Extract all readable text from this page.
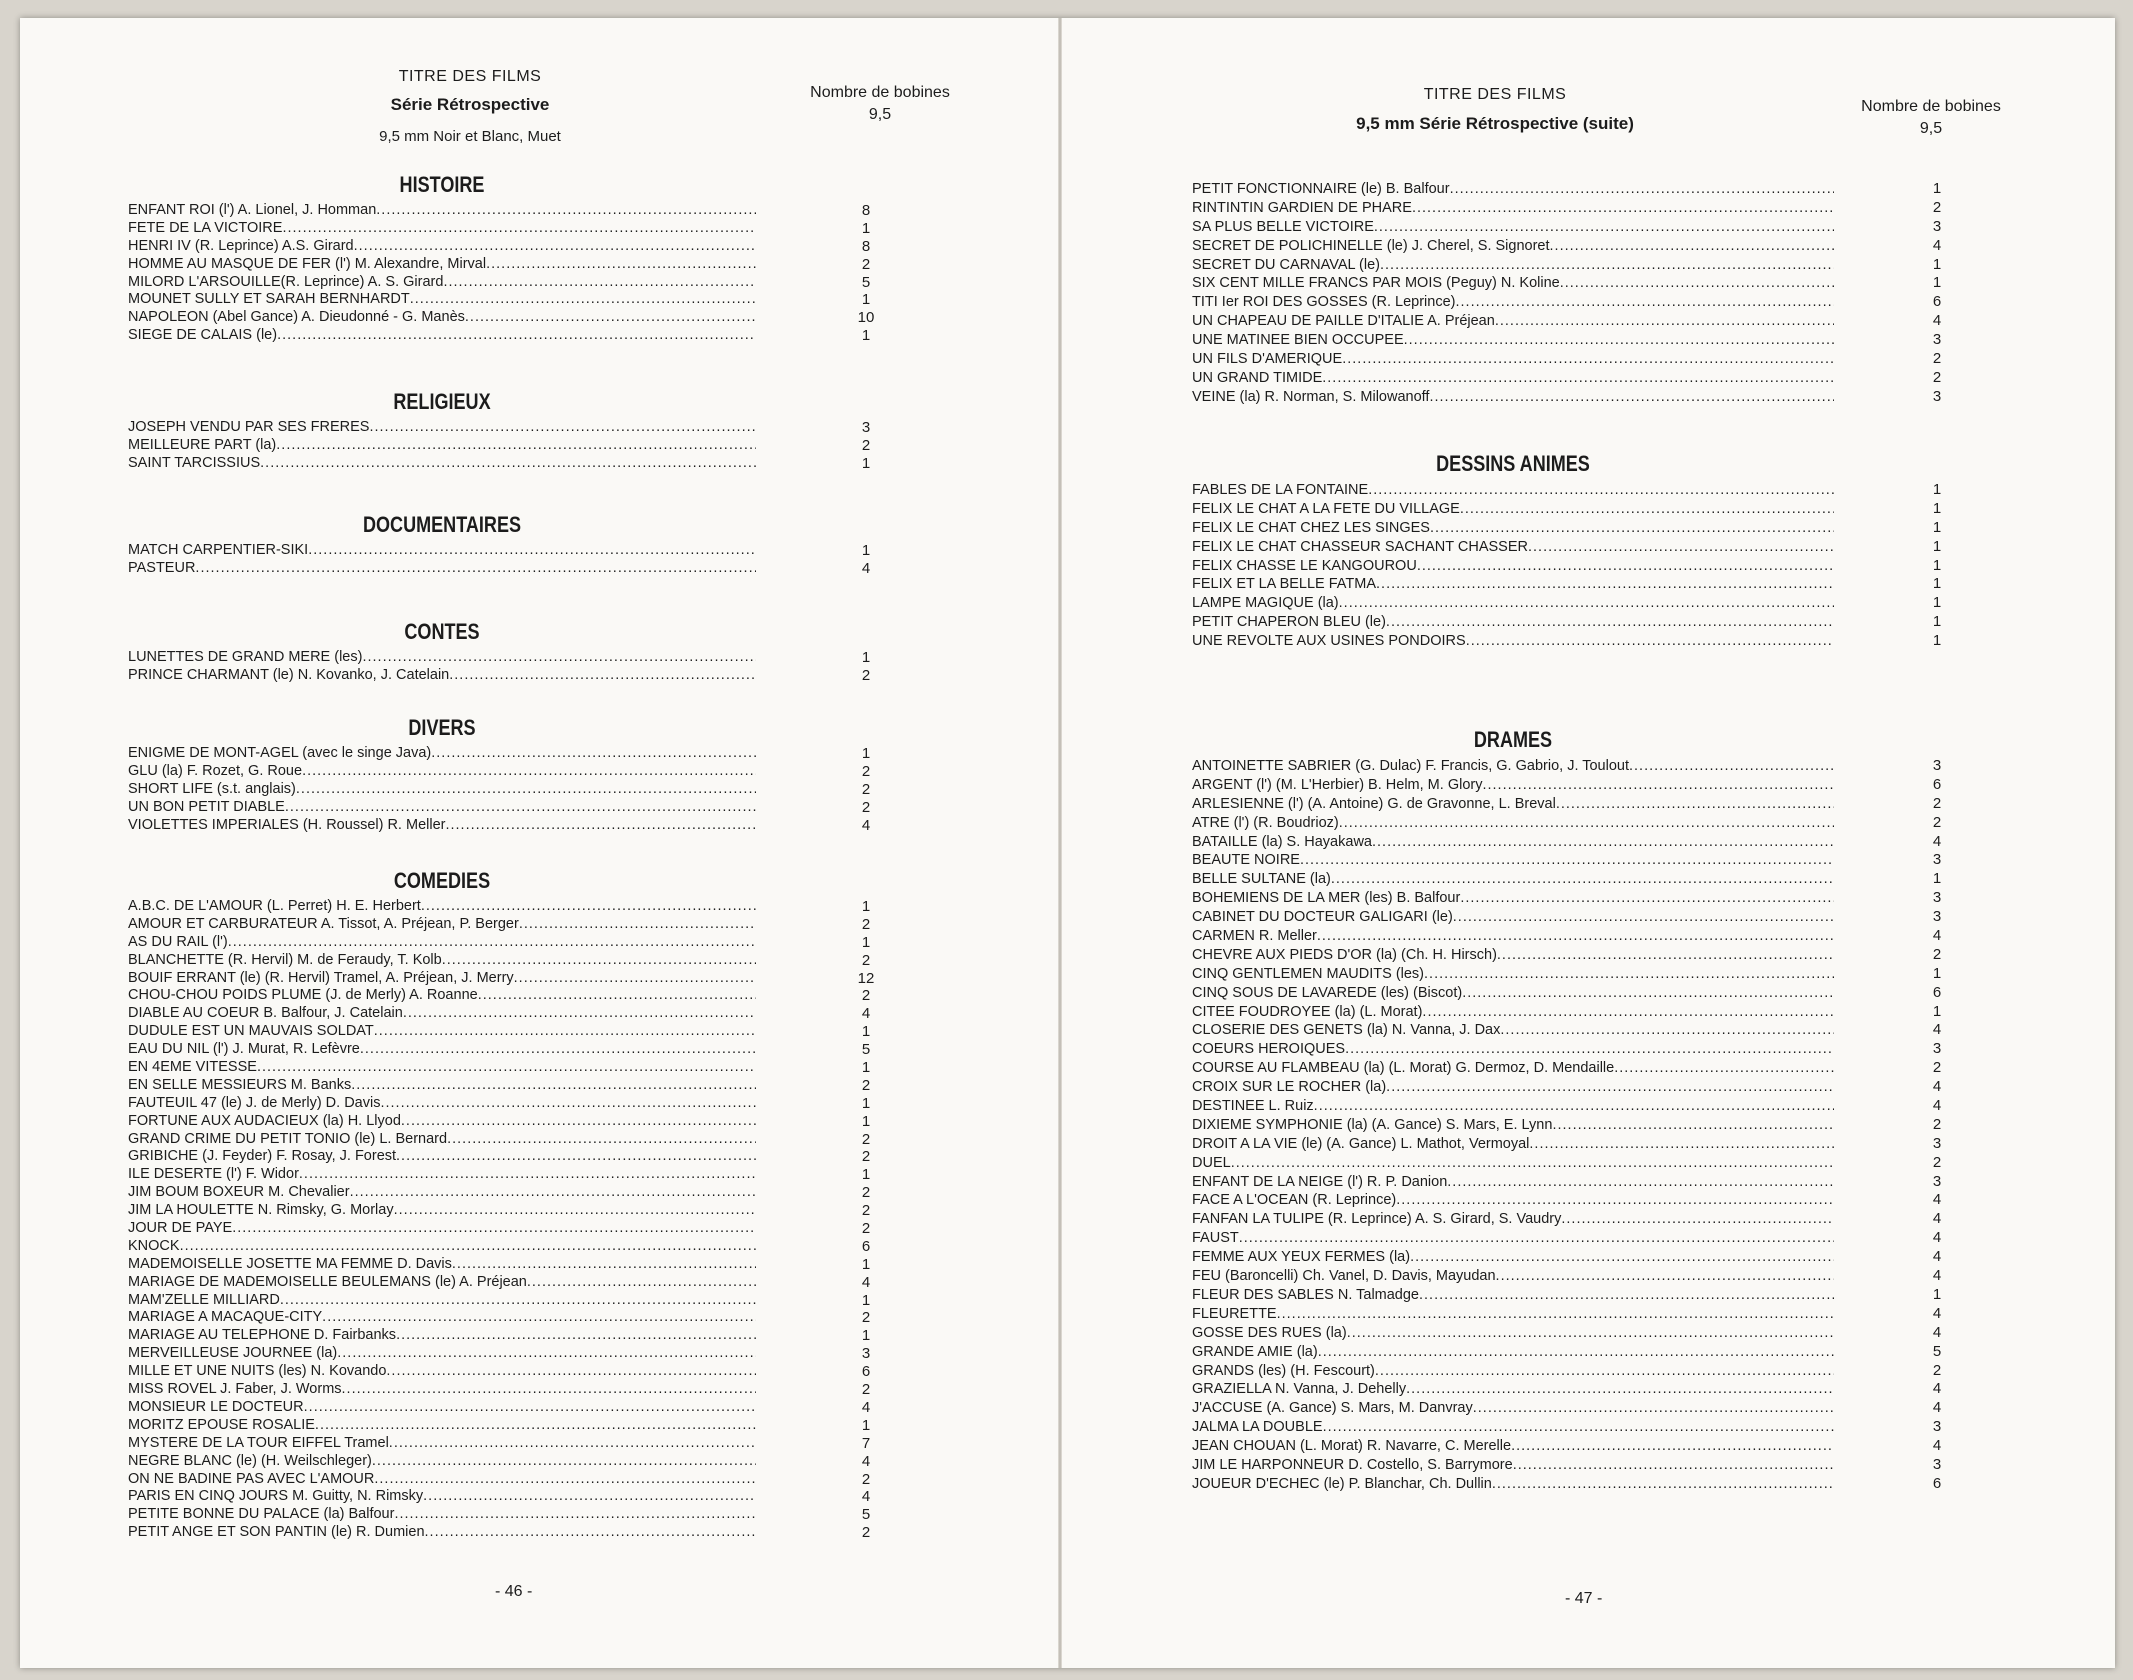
TITRE DES FILMS
Série Rétrospective
9,5 mm Noir et Blanc, Muet
Nombre de bobines
9,5
HISTOIRE
ENFANT ROI (l') A. Lionel, J. Homman .....	8
FETE DE LA VICTOIRE .....	1
HENRI IV (R. Leprince) A.S. Girard .....	8
HOMME AU MASQUE DE FER (l') M. Alexandre, Mirval .....	2
MILORD L'ARSOUILLE(R. Leprince) A. S. Girard .....	5
MOUNET SULLY ET SARAH BERNHARDT .....	1
NAPOLEON (Abel Gance) A. Dieudonné - G. Manès .....	10
SIEGE DE CALAIS (le) .....	1
RELIGIEUX
JOSEPH VENDU PAR SES FRERES .....	3
MEILLEURE PART (la) .....	2
SAINT TARCISSIUS .....	1
DOCUMENTAIRES
MATCH CARPENTIER-SIKI .....	1
PASTEUR .....	4
CONTES
LUNETTES DE GRAND MERE (les) .....	1
PRINCE CHARMANT (le) N. Kovanko, J. Catelain .....	2
DIVERS
ENIGME DE MONT-AGEL (avec le singe Java) .....	1
GLU (la) F. Rozet, G. Roue .....	2
SHORT LIFE (s.t. anglais) .....	2
UN BON PETIT DIABLE .....	2
VIOLETTES IMPERIALES (H. Roussel) R. Meller .....	4
COMEDIES
A.B.C. DE L'AMOUR (L. Perret) H. E. Herbert .....	1
AMOUR ET CARBURATEUR A. Tissot, A. Préjean, P. Berger .....	2
AS DU RAIL (l') .....	1
BLANCHETTE (R. Hervil) M. de Feraudy, T. Kolb .....	2
BOUIF ERRANT (le) (R. Hervil) Tramel, A. Préjean, J. Merry .....	12
CHOU-CHOU POIDS PLUME (J. de Merly) A. Roanne .....	2
DIABLE AU COEUR B. Balfour, J. Catelain .....	4
DUDULE EST UN MAUVAIS SOLDAT .....	1
EAU DU NIL (l') J. Murat, R. Lefèvre .....	5
EN 4EME VITESSE .....	1
EN SELLE MESSIEURS M. Banks .....	2
FAUTEUIL 47 (le) J. de Merly) D. Davis .....	1
FORTUNE AUX AUDACIEUX (la) H. Llyod .....	1
GRAND CRIME DU PETIT TONIO (le) L. Bernard .....	2
GRIBICHE (J. Feyder) F. Rosay, J. Forest .....	2
ILE DESERTE (l') F. Widor .....	1
JIM BOUM BOXEUR M. Chevalier .....	2
JIM LA HOULETTE N. Rimsky, G. Morlay .....	2
JOUR DE PAYE .....	2
KNOCK .....	6
MADEMOISELLE JOSETTE MA FEMME D. Davis .....	1
MARIAGE DE MADEMOISELLE BEULEMANS (le) A. Préjean .....	4
MAM'ZELLE MILLIARD .....	1
MARIAGE A MACAQUE-CITY .....	2
MARIAGE AU TELEPHONE D. Fairbanks .....	1
MERVEILLEUSE JOURNEE (la) .....	3
MILLE ET UNE NUITS (les) N. Kovando .....	6
MISS ROVEL J. Faber, J. Worms .....	2
MONSIEUR LE DOCTEUR .....	4
MORITZ EPOUSE ROSALIE .....	1
MYSTERE DE LA TOUR EIFFEL Tramel .....	7
NEGRE BLANC (le) (H. Weilschleger) .....	4
ON NE BADINE PAS AVEC L'AMOUR .....	2
PARIS EN CINQ JOURS M. Guitty, N. Rimsky .....	4
PETITE BONNE DU PALACE (la) Balfour .....	5
PETIT ANGE ET SON PANTIN (le) R. Dumien .....	2
- 46 -
TITRE DES FILMS
9,5 mm Série Rétrospective (suite)
Nombre de bobines
9,5
PETIT FONCTIONNAIRE (le) B. Balfour .....	1
RINTINTIN GARDIEN DE PHARE .....	2
SA PLUS BELLE VICTOIRE .....	3
SECRET DE POLICHINELLE (le) J. Cherel, S. Signoret .....	4
SECRET DU CARNAVAL (le) .....	1
SIX CENT MILLE FRANCS PAR MOIS (Peguy) N. Koline .....	1
TITI Ier ROI DES GOSSES (R. Leprince) .....	6
UN CHAPEAU DE PAILLE D'ITALIE A. Préjean .....	4
UNE MATINEE BIEN OCCUPEE .....	3
UN FILS D'AMERIQUE .....	2
UN GRAND TIMIDE .....	2
VEINE (la) R. Norman, S. Milowanoff .....	3
DESSINS ANIMES
FABLES DE LA FONTAINE .....	1
FELIX LE CHAT A LA FETE DU VILLAGE .....	1
FELIX LE CHAT CHEZ LES SINGES .....	1
FELIX LE CHAT CHASSEUR SACHANT CHASSER .....	1
FELIX CHASSE LE KANGOUROU .....	1
FELIX ET LA BELLE FATMA .....	1
LAMPE MAGIQUE (la) .....	1
PETIT CHAPERON BLEU (le) .....	1
UNE REVOLTE AUX USINES PONDOIRS .....	1
DRAMES
ANTOINETTE SABRIER (G. Dulac) F. Francis, G. Gabrio, J. Toulout .....	3
ARGENT (l') (M. L'Herbier) B. Helm, M. Glory .....	6
ARLESIENNE (l') (A. Antoine) G. de Gravonne, L. Breval .....	2
ATRE (l') (R. Boudrioz) .....	2
BATAILLE (la) S. Hayakawa .....	4
BEAUTE NOIRE .....	3
BELLE SULTANE (la) .....	1
BOHEMIENS DE LA MER (les) B. Balfour .....	3
CABINET DU DOCTEUR GALIGARI (le) .....	3
CARMEN R. Meller .....	4
CHEVRE AUX PIEDS D'OR (la) (Ch. H. Hirsch) .....	2
CINQ GENTLEMEN MAUDITS (les) .....	1
CINQ SOUS DE LAVAREDE (les) (Biscot) .....	6
CITEE FOUDROYEE (la) (L. Morat) .....	1
CLOSERIE DES GENETS (la) N. Vanna, J. Dax .....	4
COEURS HEROIQUES .....	3
COURSE AU FLAMBEAU (la) (L. Morat) G. Dermoz, D. Mendaille .....	2
CROIX SUR LE ROCHER (la) .....	4
DESTINEE L. Ruiz .....	4
DIXIEME SYMPHONIE (la) (A. Gance) S. Mars, E. Lynn .....	2
DROIT A LA VIE (le) (A. Gance) L. Mathot, Vermoyal .....	3
DUEL .....	2
ENFANT DE LA NEIGE (l') R. P. Danion .....	3
FACE A L'OCEAN (R. Leprince) .....	4
FANFAN LA TULIPE (R. Leprince) A. S. Girard, S. Vaudry .....	4
FAUST .....	4
FEMME AUX YEUX FERMES (la) .....	4
FEU (Baroncelli) Ch. Vanel, D. Davis, Mayudan .....	4
FLEUR DES SABLES N. Talmadge .....	1
FLEURETTE .....	4
GOSSE DES RUES (la) .....	4
GRANDE AMIE (la) .....	5
GRANDS (les) (H. Fescourt) .....	2
GRAZIELLA N. Vanna, J. Dehelly .....	4
J'ACCUSE (A. Gance) S. Mars, M. Danvray .....	4
JALMA LA DOUBLE .....	3
JEAN CHOUAN (L. Morat) R. Navarre, C. Merelle .....	4
JIM LE HARPONNEUR D. Costello, S. Barrymore .....	3
JOUEUR D'ECHEC (le) P. Blanchar, Ch. Dullin .....	6
- 47 -
